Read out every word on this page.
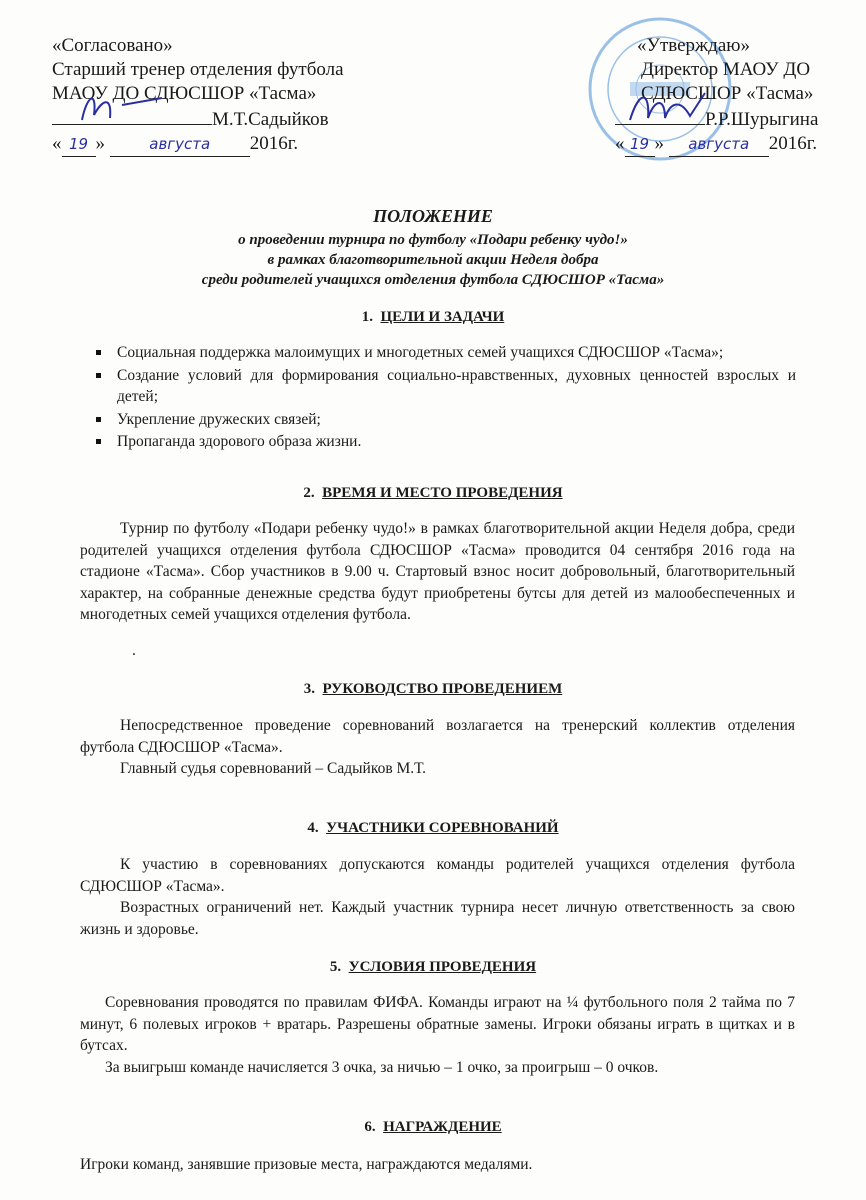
«Согласовано»
Старший тренер отделения футбола
МАОУ ДО СДЮСШОР «Тасма»
М.Т.Садыйков
« 19 »	августа 2016г.
«Утверждаю»
Директор МАОУ ДО
СДЮСШОР «Тасма»
Р.Р.Шурыгина
« 19 » августа 2016г.
ПОЛОЖЕНИЕ
о проведении турнира по футболу «Подари ребенку чудо!»
в рамках благотворительной акции Неделя добра
среди родителей учащихся отделения футбола СДЮСШОР «Тасма»
1. ЦЕЛИ И ЗАДАЧИ
Социальная поддержка малоимущих и многодетных семей учащихся СДЮСШОР «Тасма»;
Создание условий для формирования социально-нравственных, духовных ценностей взрослых и детей;
Укрепление дружеских связей;
Пропаганда здорового образа жизни.
2. ВРЕМЯ И МЕСТО ПРОВЕДЕНИЯ

Турнир по футболу «Подари ребенку чудо!» в рамках благотворительной акции Неделя добра, среди родителей учащихся отделения футбола СДЮСШОР «Тасма» проводится 04 сентября 2016 года на стадионе «Тасма». Сбор участников в 9.00 ч. Стартовый взнос носит добровольный, благотворительный характер, на собранные денежные средства будут приобретены бутсы для детей из малообеспеченных и многодетных семей учащихся отделения футбола.

.

3. РУКОВОДСТВО ПРОВЕДЕНИЕМ

Непосредственное проведение соревнований возлагается на тренерский коллектив отделения футбола СДЮСШОР «Тасма».

Главный судья соревнований – Садыйков М.Т.

4. УЧАСТНИКИ СОРЕВНОВАНИЙ

К участию в соревнованиях допускаются команды родителей учащихся отделения футбола СДЮСШОР «Тасма».

Возрастных ограничений нет. Каждый участник турнира несет личную ответственность за свою жизнь и здоровье.

5. УСЛОВИЯ ПРОВЕДЕНИЯ

Соревнования проводятся по правилам ФИФА. Команды играют на ¼ футбольного поля 2 тайма по 7 минут, 6 полевых игроков + вратарь. Разрешены обратные замены. Игроки обязаны играть в щитках и в бутсах.

За выигрыш команде начисляется 3 очка, за ничью – 1 очко, за проигрыш – 0 очков.

6. НАГРАЖДЕНИЕ

Игроки команд, занявшие призовые места, награждаются медалями.
